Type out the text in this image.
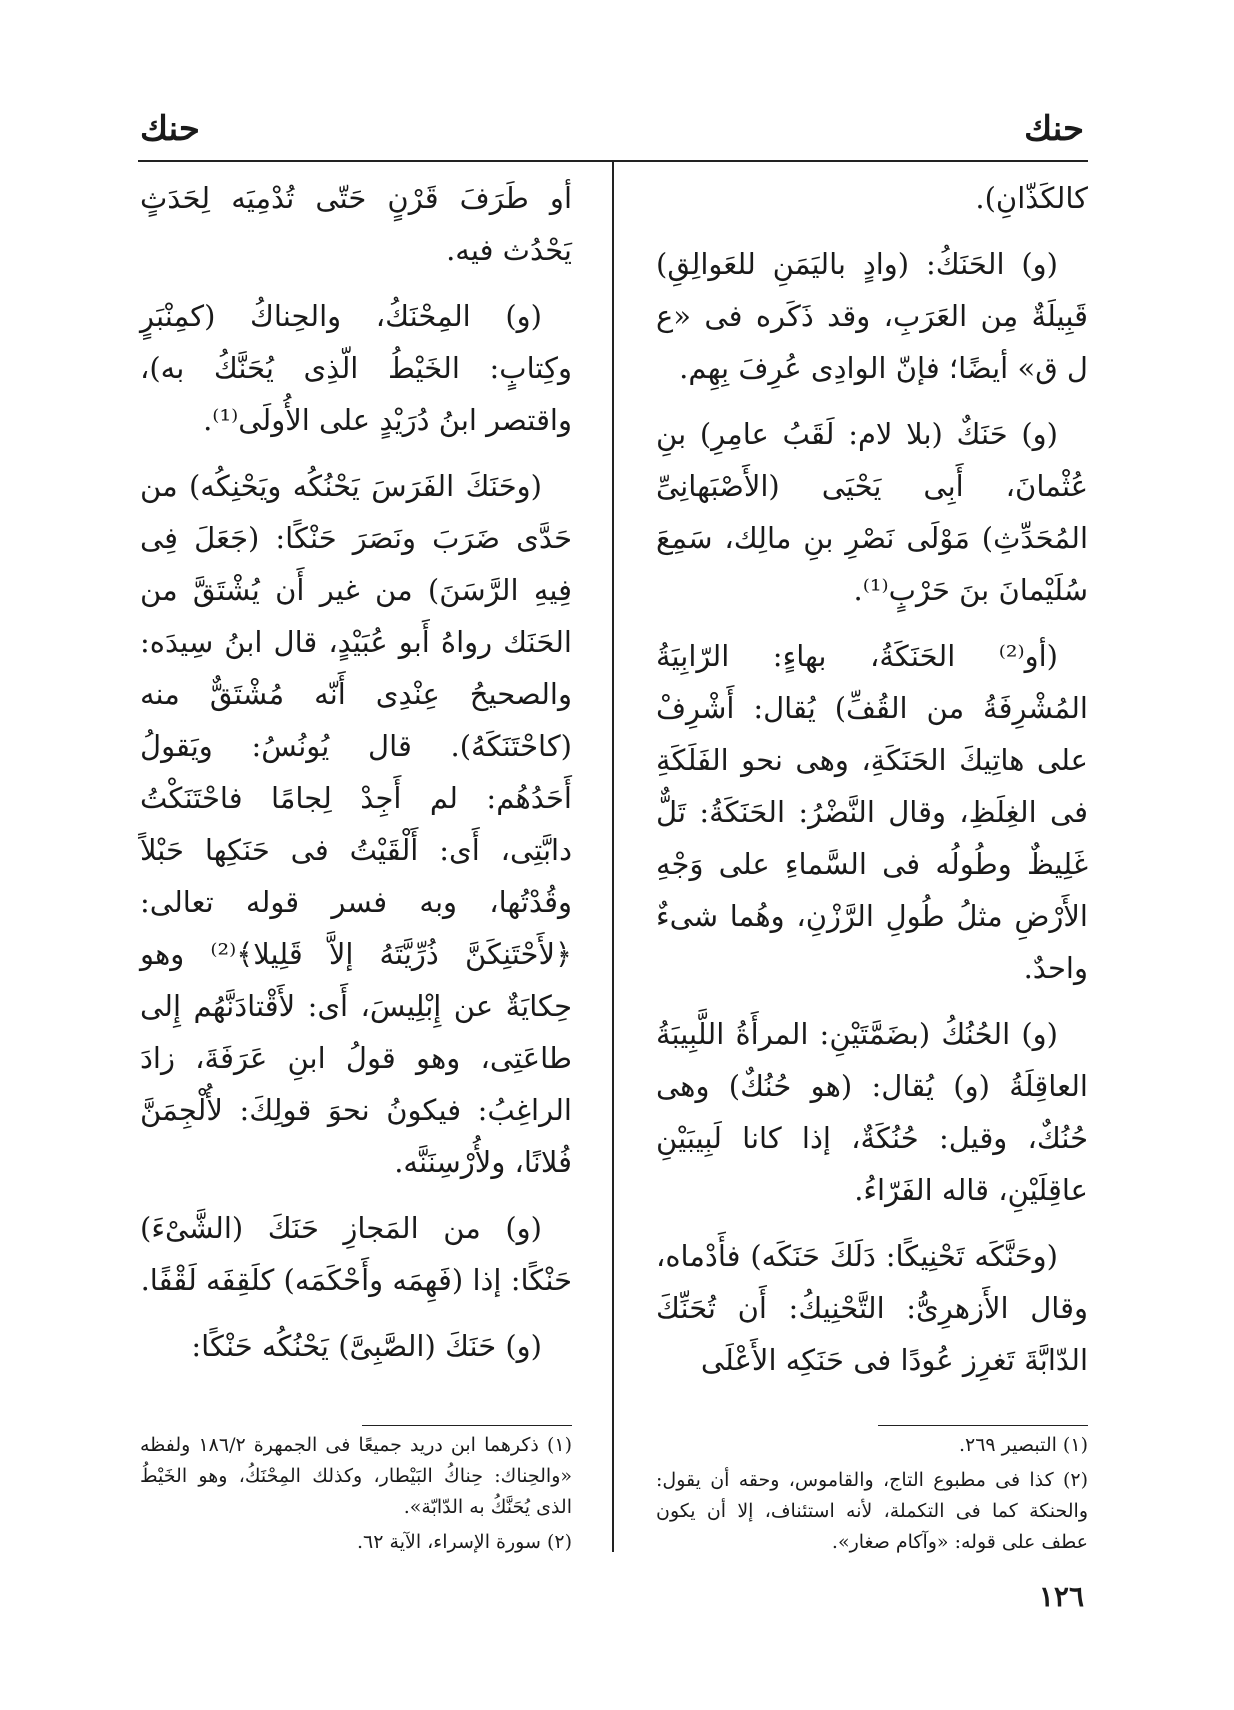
حنك
حنك

كالكَذّانِ).

(و) الحَنَكُ: (وادٍ باليَمَنِ للعَوالِقِ) قَبِيلَةٌ مِن العَرَبِ، وقد ذَكَره فى «ع ل ق» أيضًا؛ فإنّ الوادِى عُرِفَ بِهِم.

(و) حَنَكٌ (بلا لام: لَقَبُ عامِرِ) بنِ عُثْمانَ، أَبِى يَحْيَى (الأَصْبَهانِىِّ المُحَدِّثِ) مَوْلَى نَصْرِ بنِ مالِك، سَمِعَ سُلَيْمانَ بنَ حَرْبٍ⁽¹⁾.

(أو⁽²⁾ الحَنَكَةُ، بهاءٍ: الرّابِيَةُ المُشْرِفَةُ من القُفِّ) يُقال: أَشْرِفْ على هاتِيكَ الحَنَكَةِ، وهى نحو الفَلَكَةِ فى الغِلَظِ، وقال النَّضْرُ: الحَنَكَةُ: تَلٌّ غَلِيظٌ وطُولُه فى السَّماءِ على وَجْهِ الأَرْضِ مثلُ طُولِ الرَّزْنِ، وهُما شىءٌ واحدٌ.

(و) الحُنُكُ (بضَمَّتَيْنِ: المرأَةُ اللَّبِيبَةُ العاقِلَةُ (و) يُقال: (هو حُنُكٌ) وهى حُنُكٌ، وقيل: حُنُكَةٌ، إذا كانا لَبِيبَيْنِ عاقِلَيْنِ، قاله الفَرّاءُ.

(وحَنَّكَه تَحْنِيكًا: دَلَكَ حَنَكَه) فأَدْماه، وقال الأَزهرِىُّ: التَّحْنِيكُ: أَن تُحَنِّكَ الدّابَّةَ تَغرِز عُودًا فى حَنَكِه الأَعْلَى

أو طَرَفَ قَرْنٍ حَتّى تُدْمِيَه لِحَدَثٍ يَحْدُث فيه.

(و) المِحْنَكُ، والحِناكُ (كمِنْبَرٍ وكِتابٍ: الخَيْطُ الّذِى يُحَنَّكُ به)، واقتصر ابنُ دُرَيْدٍ على الأُولَى⁽¹⁾.

(وحَنَكَ الفَرَسَ يَحْنُكُه ويَحْنِكُه) من حَدَّى ضَرَبَ ونَصَرَ حَنْكًا: (جَعَلَ فِى فِيهِ الرَّسَنَ) من غير أَن يُشْتَقَّ من الحَنَك رواهُ أَبو عُبَيْدٍ، قال ابنُ سِيدَه: والصحيحُ عِنْدِى أَنّه مُشْتَقٌّ منه (كاحْتَنَكَهُ). قال يُونُسُ: ويَقولُ أَحَدُهُم: لم أَجِدْ لِجامًا فاحْتَنَكْتُ دابَّتِى، أَى: أَلْقَيْتُ فى حَنَكِها حَبْلاً وقُدْتُها، وبه فسر قوله تعالى: ﴿لأَحْتَنِكَنَّ ذُرِّيَّتَهُ إلاَّ قَلِيلا﴾⁽²⁾ وهو حِكايَةٌ عن إِبْلِيسَ، أَى: لأَقْتادَنَّهُم إِلى طاعَتِى، وهو قولُ ابنِ عَرَفَةَ، زادَ الراغِبُ: فيكونُ نحوَ قولِكَ: لأُلْجِمَنَّ فُلانًا، ولأُرْسِنَنَّه.

(و) من المَجازِ حَنَكَ (الشَّىْءَ) حَنْكًا: إذا (فَهِمَه وأَحْكَمَه) كلَقِفَه لَقْفًا.

(و) حَنَكَ (الصَّبِىَّ) يَحْنُكُه حَنْكًا:

(١) التبصير ٢٦٩.

(٢) كذا فى مطبوع التاج، والقاموس، وحقه أن يقول: والحنكة كما فى التكملة، لأنه استئناف، إلا أن يكون عطف على قوله: «وآكام صغار».

(١) ذكرهما ابن دريد جميعًا فى الجمهرة ١٨٦/٢ ولفظه «والحِناك: حِناكُ البَيْطار، وكذلك المِحْنَكُ، وهو الخَيْطُ الذى يُحَنَّكُ به الدّابّة».

(٢) سورة الإسراء، الآية ٦٢.

١٢٦
